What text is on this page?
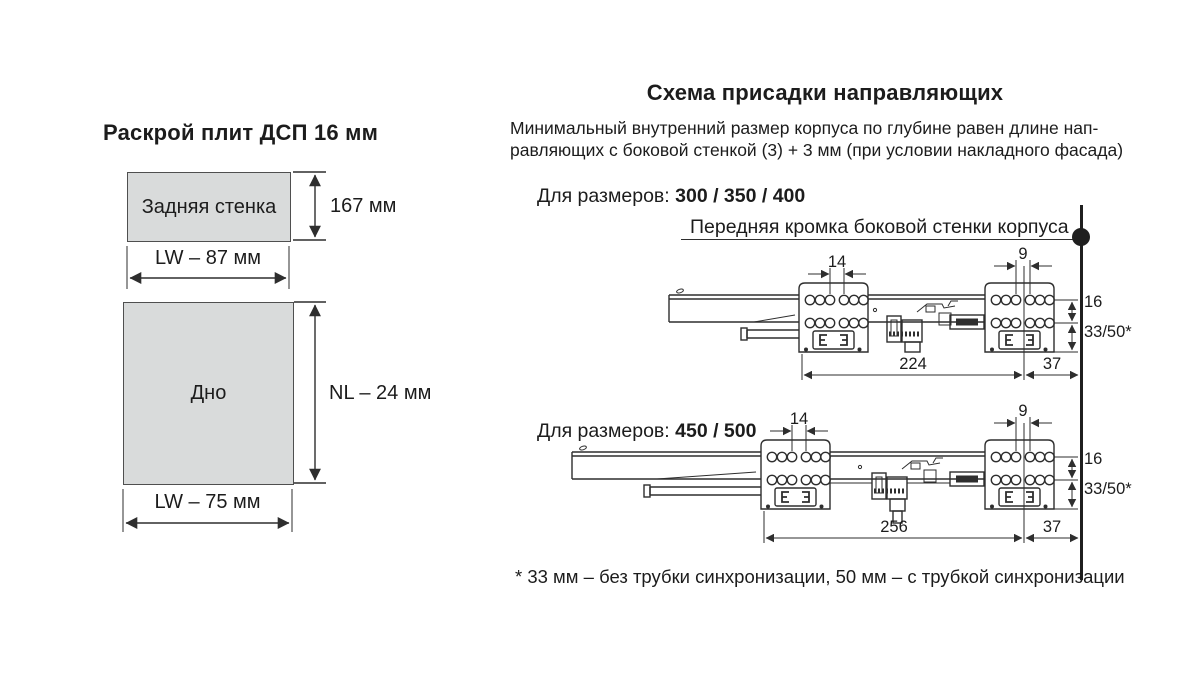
Раскрой плит ДСП 16 мм
Задняя стенка
Дно
167 мм
LW – 87 мм
NL – 24 мм
LW – 75 мм
Схема присадки направляющих
Минимальный внутренний размер корпуса по глубине равен длине нап-
равляющих с боковой стенкой (3) + 3 мм (при условии накладного фасада)
Для размеров: 300 / 350 / 400
Передняя кромка боковой стенки корпуса
14	9
16
33/50*
224	37
Для размеров: 450 / 500
14	9
16
33/50*
256	37
* 33 мм – без трубки синхронизации, 50 мм – с трубкой синхронизации
